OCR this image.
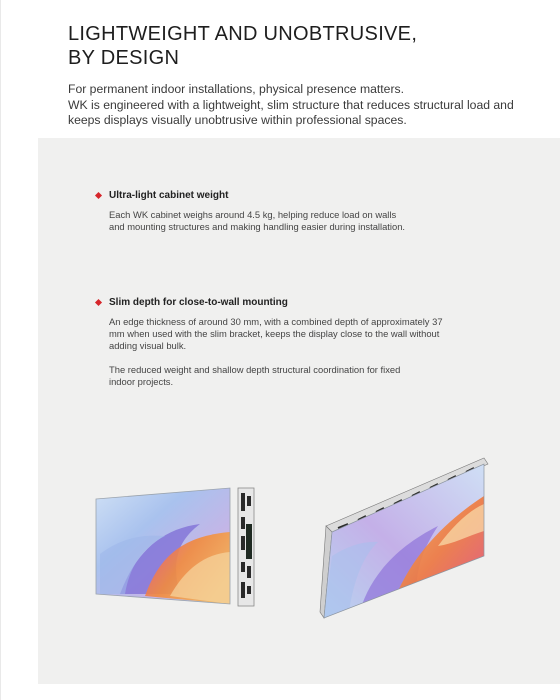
LIGHTWEIGHT AND UNOBTRUSIVE,
BY DESIGN
For permanent indoor installations, physical presence matters.
WK is engineered with a lightweight, slim structure that reduces structural load and
keeps displays visually unobtrusive within professional spaces.
Ultra-light cabinet weight
Each WK cabinet weighs around 4.5 kg, helping reduce load on walls
and mounting structures and making handling easier during installation.
Slim depth for close-to-wall mounting
An edge thickness of around 30 mm, with a combined depth of approximately 37
mm when used with the slim bracket, keeps the display close to the wall without
adding visual bulk.
The reduced weight and shallow depth structural coordination for fixed
indoor projects.
